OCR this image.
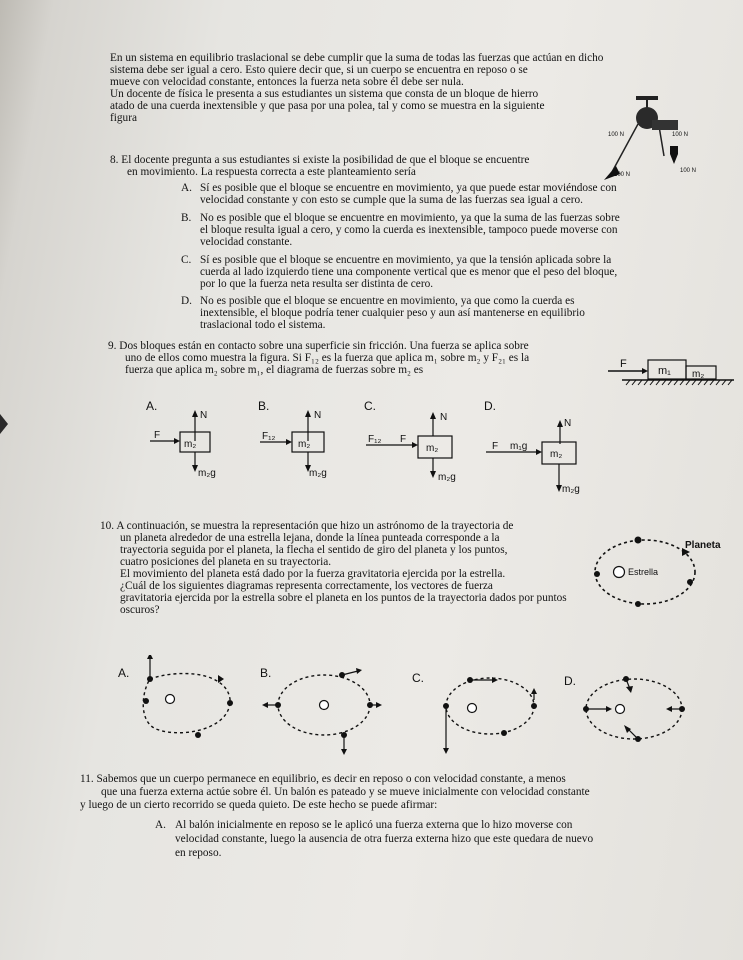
En un sistema en equilibrio traslacional se debe cumplir que la suma de todas las fuerzas que actúan en dicho
sistema debe ser igual a cero. Esto quiere decir que, si un cuerpo se encuentra en reposo o se
mueve con velocidad constante, entonces la fuerza neta sobre él debe ser nula.
Un docente de física le presenta a sus estudiantes un sistema que consta de un bloque de hierro
atado de una cuerda inextensible y que pasa por una polea, tal y como se muestra en la siguiente
figura
100 N	100 N
100 N
100 N
8. El docente pregunta a sus estudiantes si existe la posibilidad de que el bloque se encuentre
en movimiento. La respuesta correcta a este planteamiento sería
A. Sí es posible que el bloque se encuentre en movimiento, ya que puede estar moviéndose con
velocidad constante y con esto se cumple que la suma de las fuerzas sea igual a cero.
B. No es posible que el bloque se encuentre en movimiento, ya que la suma de las fuerzas sobre
el bloque resulta igual a cero, y como la cuerda es inextensible, tampoco puede moverse con
velocidad constante.
C. Sí es posible que el bloque se encuentre en movimiento, ya que la tensión aplicada sobre la
cuerda al lado izquierdo tiene una componente vertical que es menor que el peso del bloque,
por lo que la fuerza neta resulta ser distinta de cero.
D. No es posible que el bloque se encuentre en movimiento, ya que como la cuerda es
inextensible, el bloque podría tener cualquier peso y aun así mantenerse en equilibrio
traslacional todo el sistema.
9. Dos bloques están en contacto sobre una superficie sin fricción. Una fuerza se aplica sobre
uno de ellos como muestra la figura. Si F₁₂ es la fuerza que aplica m₁ sobre m₂ y F₂₁ es la
fuerza que aplica m₂ sobre m₁, el diagrama de fuerzas sobre m₂ es	F
m₁ m₂
A.
N
m₂
F
m₂g
B.
N
m₂
F₁₂
m₂g
C.
N
m₂
F₁₂ F
m₂g
D.
N
m₂
F m₁g
m₂g
10. A continuación, se muestra la representación que hizo un astrónomo de la trayectoria de
un planeta alrededor de una estrella lejana, donde la línea punteada corresponde a la
trayectoria seguida por el planeta, la flecha el sentido de giro del planeta y los puntos,
cuatro posiciones del planeta en su trayectoria.
El movimiento del planeta está dado por la fuerza gravitatoria ejercida por la estrella.
¿Cuál de los siguientes diagramas representa correctamente, los vectores de fuerza
gravitatoria ejercida por la estrella sobre el planeta en los puntos de la trayectoria dados por puntos
oscuros?
Planeta
Estrella
A.	B.	C.	D.
11. Sabemos que un cuerpo permanece en equilibrio, es decir en reposo o con velocidad constante, a menos
que una fuerza externa actúe sobre él. Un balón es pateado y se mueve inicialmente con velocidad constante
y luego de un cierto recorrido se queda quieto. De este hecho se puede afirmar:
A. Al balón inicialmente en reposo se le aplicó una fuerza externa que lo hizo moverse con
velocidad constante, luego la ausencia de otra fuerza externa hizo que este quedara de nuevo
en reposo.
